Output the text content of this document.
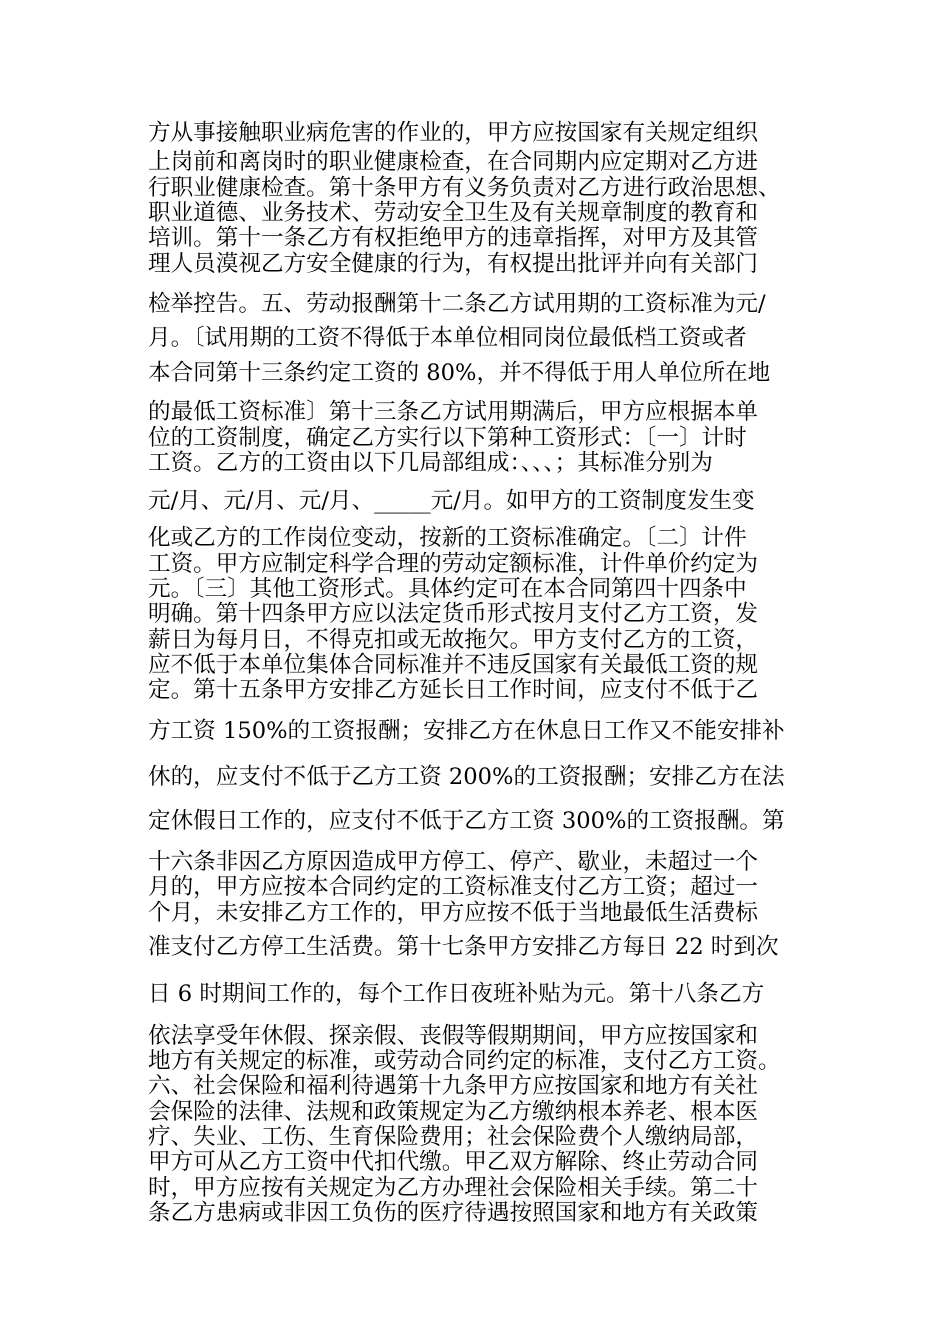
方从事接触职业病危害的作业的，甲方应按国家有关规定组织

上岗前和离岗时的职业健康检查，在合同期内应定期对乙方进

行职业健康检查。第十条甲方有义务负责对乙方进行政治思想、

职业道德、业务技术、劳动安全卫生及有关规章制度的教育和

培训。第十一条乙方有权拒绝甲方的违章指挥，对甲方及其管

理人员漠视乙方安全健康的行为，有权提出批评并向有关部门

检举控告。五、劳动报酬第十二条乙方试用期的工资标准为元/

月。〔试用期的工资不得低于本单位相同岗位最低档工资或者

本合同第十三条约定工资的 80%，并不得低于用人单位所在地

的最低工资标准〕第十三条乙方试用期满后，甲方应根据本单

位的工资制度，确定乙方实行以下第种工资形式：〔一〕计时

工资。乙方的工资由以下几局部组成：、、、；其标准分别为

元/月、元/月、元/月、_____元/月。如甲方的工资制度发生变

化或乙方的工作岗位变动，按新的工资标准确定。〔二〕计件

工资。甲方应制定科学合理的劳动定额标准，计件单价约定为

元。〔三〕其他工资形式。具体约定可在本合同第四十四条中

明确。第十四条甲方应以法定货币形式按月支付乙方工资，发

薪日为每月日，不得克扣或无故拖欠。甲方支付乙方的工资，

应不低于本单位集体合同标准并不违反国家有关最低工资的规

定。第十五条甲方安排乙方延长日工作时间，应支付不低于乙

方工资 150%的工资报酬；安排乙方在休息日工作又不能安排补

休的，应支付不低于乙方工资 200%的工资报酬；安排乙方在法

定休假日工作的，应支付不低于乙方工资 300%的工资报酬。第

十六条非因乙方原因造成甲方停工、停产、歇业，未超过一个

月的，甲方应按本合同约定的工资标准支付乙方工资；超过一

个月，未安排乙方工作的，甲方应按不低于当地最低生活费标

准支付乙方停工生活费。第十七条甲方安排乙方每日 22 时到次

日 6 时期间工作的，每个工作日夜班补贴为元。第十八条乙方

依法享受年休假、探亲假、丧假等假期期间，甲方应按国家和

地方有关规定的标准，或劳动合同约定的标准，支付乙方工资。

六、社会保险和福利待遇第十九条甲方应按国家和地方有关社

会保险的法律、法规和政策规定为乙方缴纳根本养老、根本医

疗、失业、工伤、生育保险费用；社会保险费个人缴纳局部，

甲方可从乙方工资中代扣代缴。甲乙双方解除、终止劳动合同

时，甲方应按有关规定为乙方办理社会保险相关手续。第二十

条乙方患病或非因工负伤的医疗待遇按照国家和地方有关政策
